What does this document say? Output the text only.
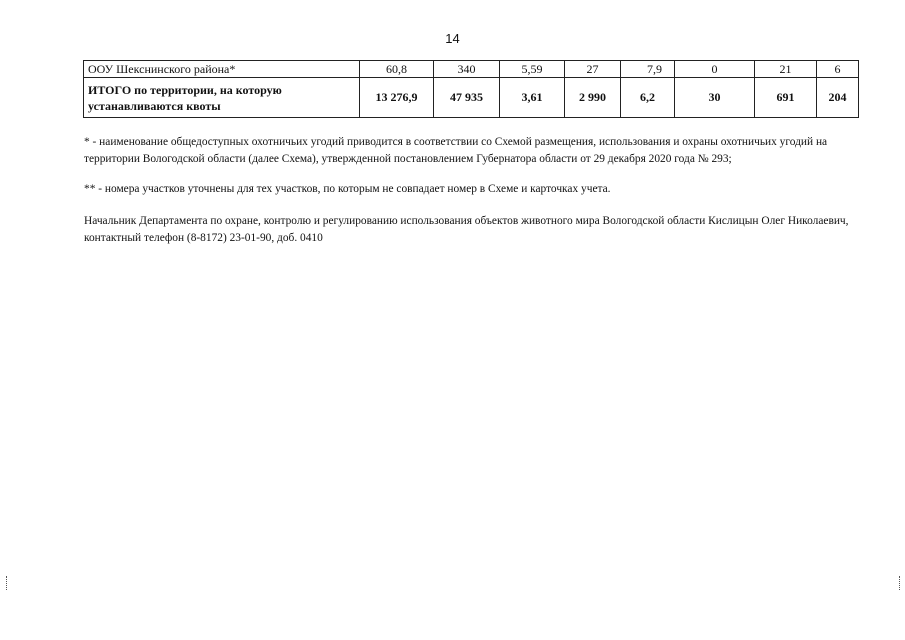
14
ООУ Шекснинского района*	60,8	340	5,59	27	7,9	0	21	6
ИТОГО по территории, на которую устанавливаются квоты	13 276,9	47 935	3,61	2 990	6,2	30	691	204

* - наименование общедоступных охотничьих угодий приводится в соответствии со Схемой размещения, использования и охраны охотничьих угодий на территории Вологодской области (далее Схема), утвержденной постановлением Губернатора области от 29 декабря 2020 года № 293;

** - номера участков уточнены для тех участков, по которым не совпадает номер в Схеме и карточках учета.

Начальник Департамента по охране, контролю и регулированию использования объектов животного мира Вологодской области Кислицын Олег Николаевич, контактный телефон (8-8172) 23-01-90, доб. 0410
